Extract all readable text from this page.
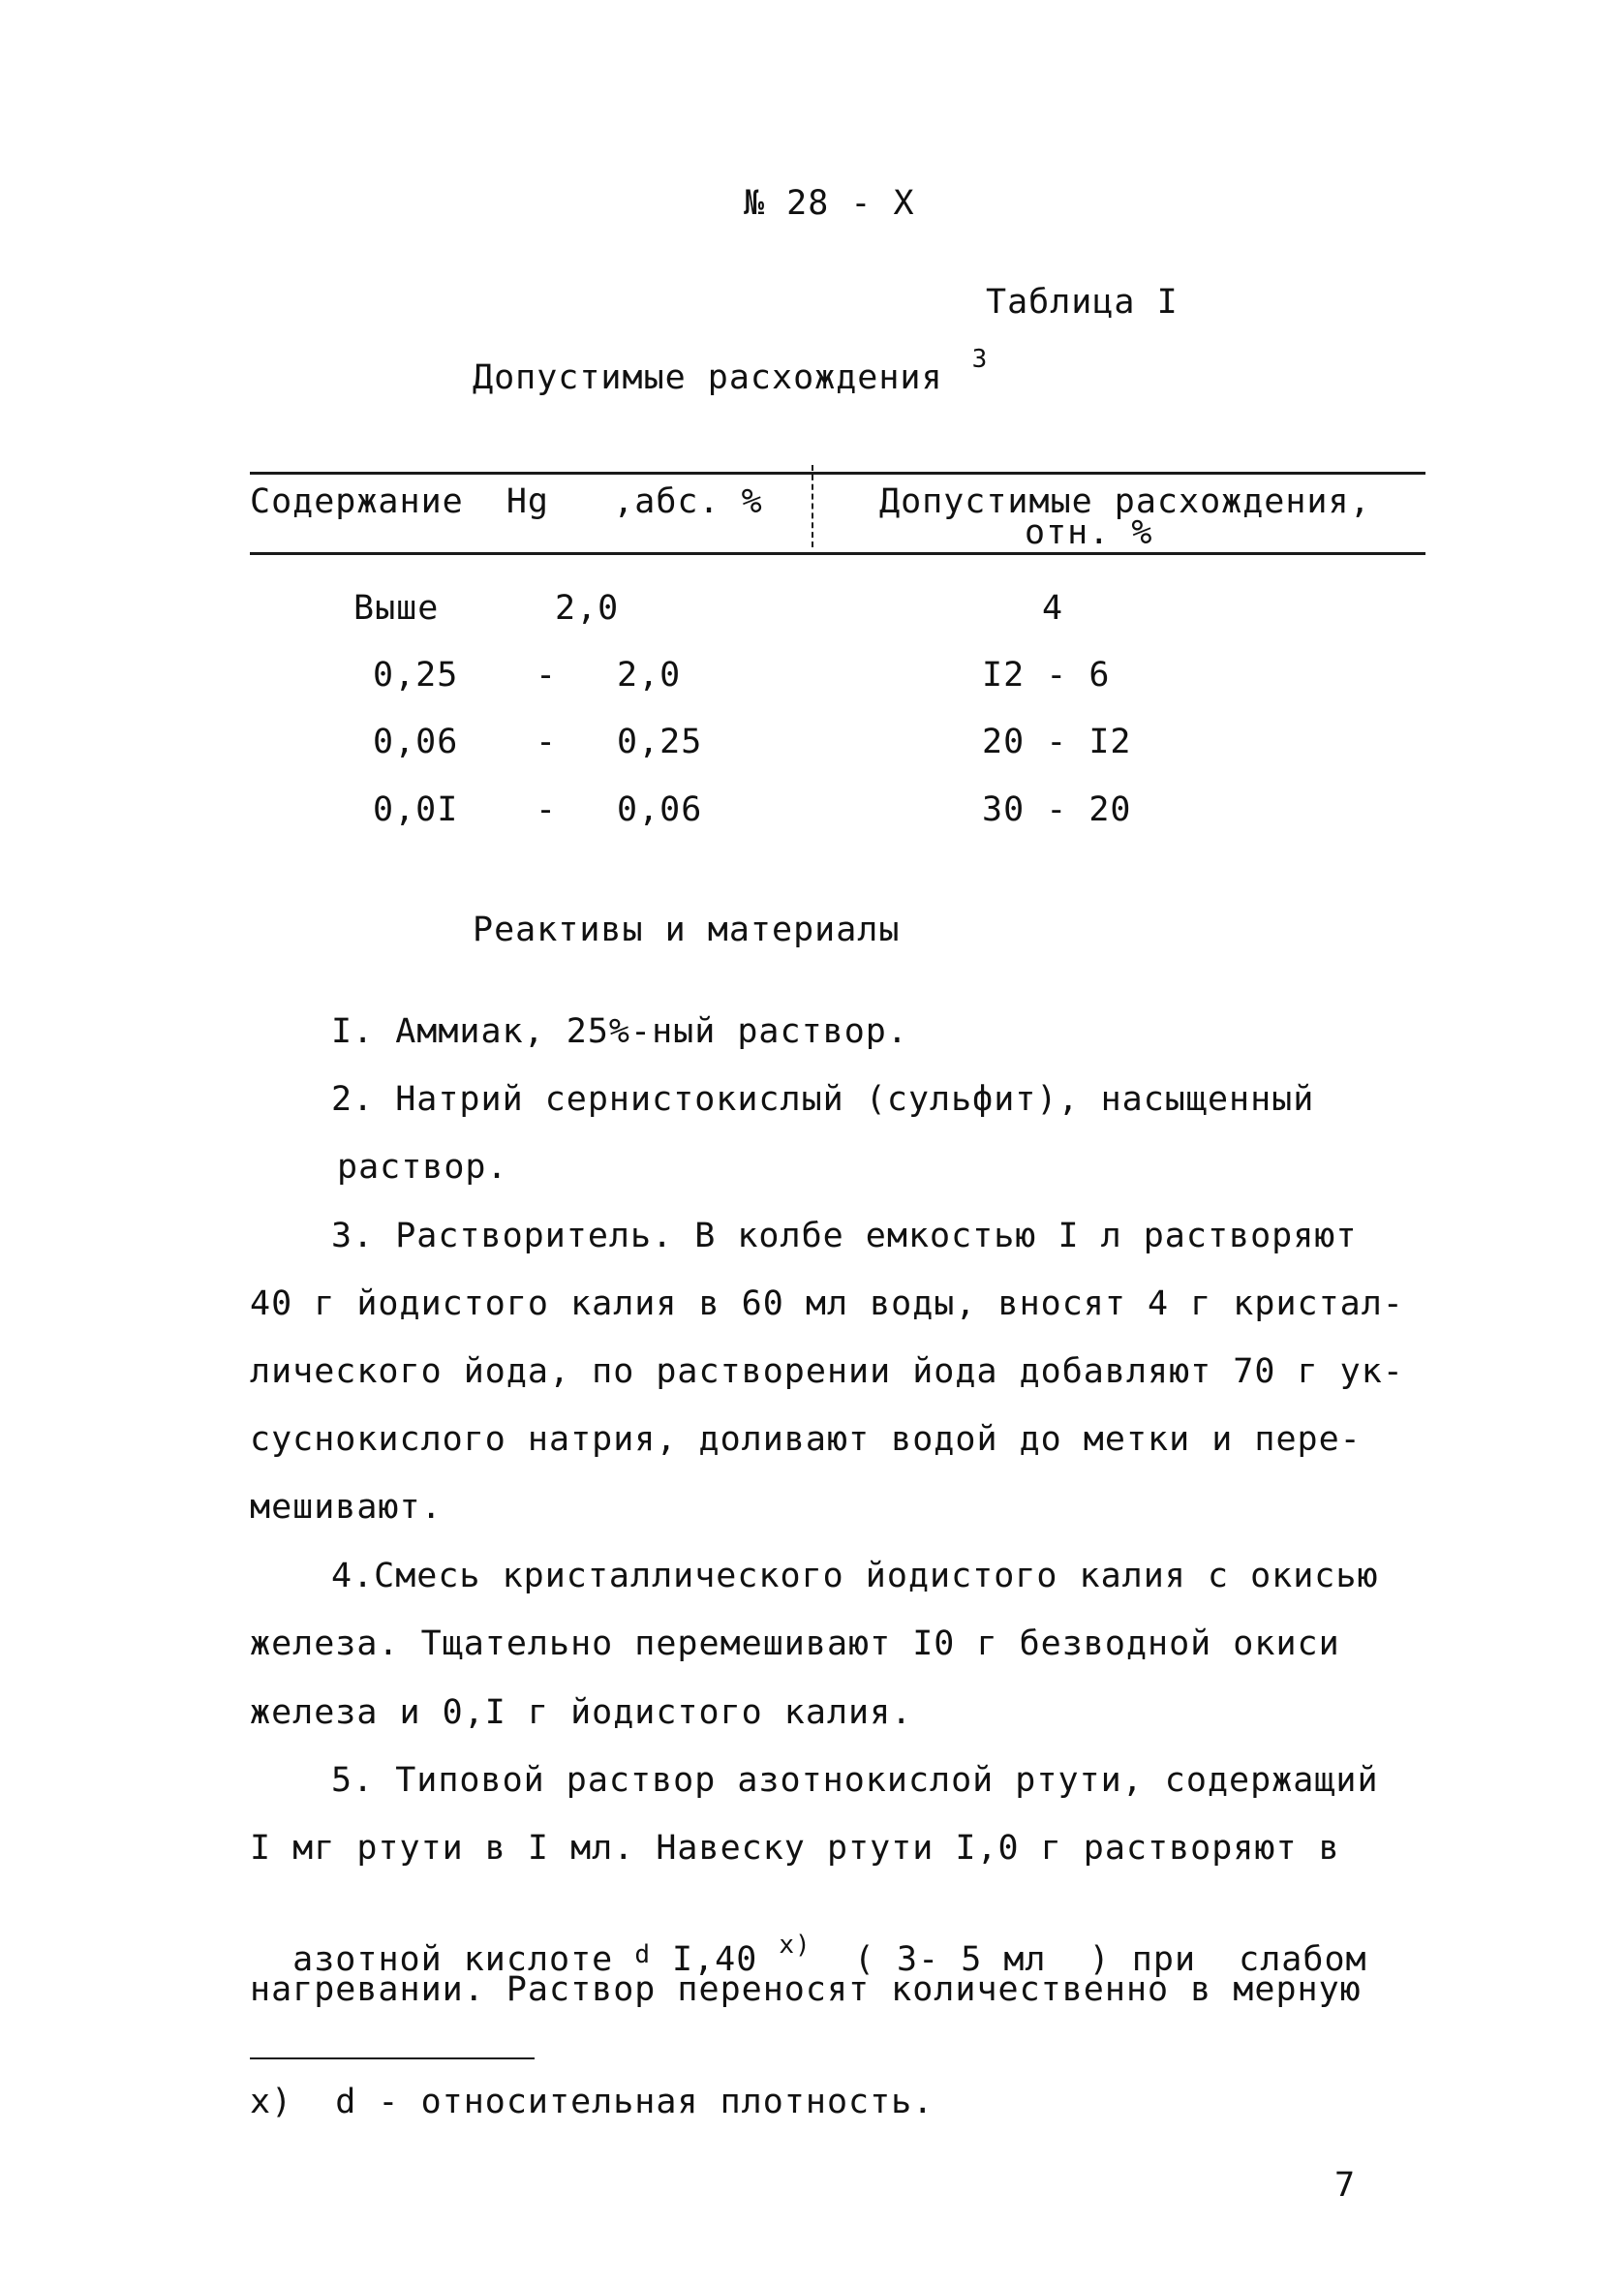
№ 28 - X
Таблица I
Допустимые расхождения $^3$
Содержание  Hg   ,абс. %	Допустимые расхождения,
отн. %
Выше	2,0	4
0,25 - 2,0	I2 - 6
0,06 - 0,25	20 - I2
0,0I - 0,06	30 - 20
Реактивы и материалы
I. Аммиак, 25%-ный раствор.
2. Натрий сернистокислый (сульфит), насыщенный
раствор.
3. Растворитель. В колбе емкостью I л растворяют
40 г йодистого калия в 60 мл воды, вносят 4 г кристал-
лического йода, по растворении йода добавляют 70 г ук-
суснокислого натрия, доливают водой до метки и пере-
мешивают.
4.Смесь кристаллического йодистого калия с окисью
железа. Тщательно перемешивают I0 г безводной окиси
железа и 0,I г йодистого калия.
5. Типовой раствор азотнокислой ртути, содержащий
I мг ртути в I мл. Навеску ртути I,0 г растворяют в

азотной кислоте $^d$ I,40 $^{x)}$  ( 3- 5 мл  ) при  слабом

нагревании. Раствор переносят количественно в мерную
x)  d - относительная плотность.
7
